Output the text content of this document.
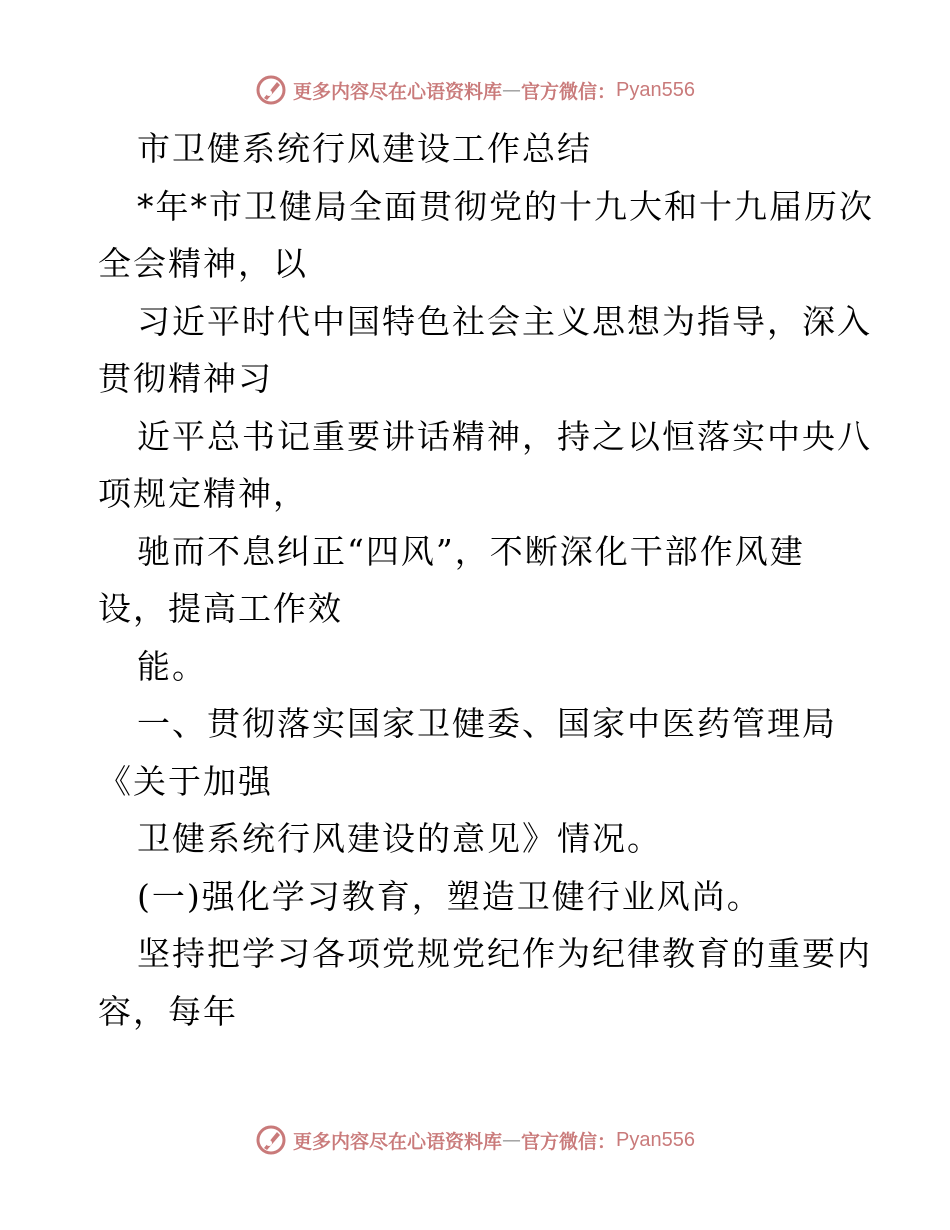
更多内容尽在心语资料库 — 官方微信： Pyan556
市卫健系统行风建设工作总结
*年*市卫健局全面贯彻党的十九大和十九届历次
全会精神，以
习近平时代中国特色社会主义思想为指导，深入
贯彻精神习
近平总书记重要讲话精神，持之以恒落实中央八
项规定精神，
驰而不息纠正“四风”，不断深化干部作风建
设，提高工作效
能。
一、贯彻落实国家卫健委、国家中医药管理局
《关于加强
卫健系统行风建设的意见》情况。
(一)强化学习教育，塑造卫健行业风尚。
坚持把学习各项党规党纪作为纪律教育的重要内
容，每年
更多内容尽在心语资料库 — 官方微信： Pyan556
